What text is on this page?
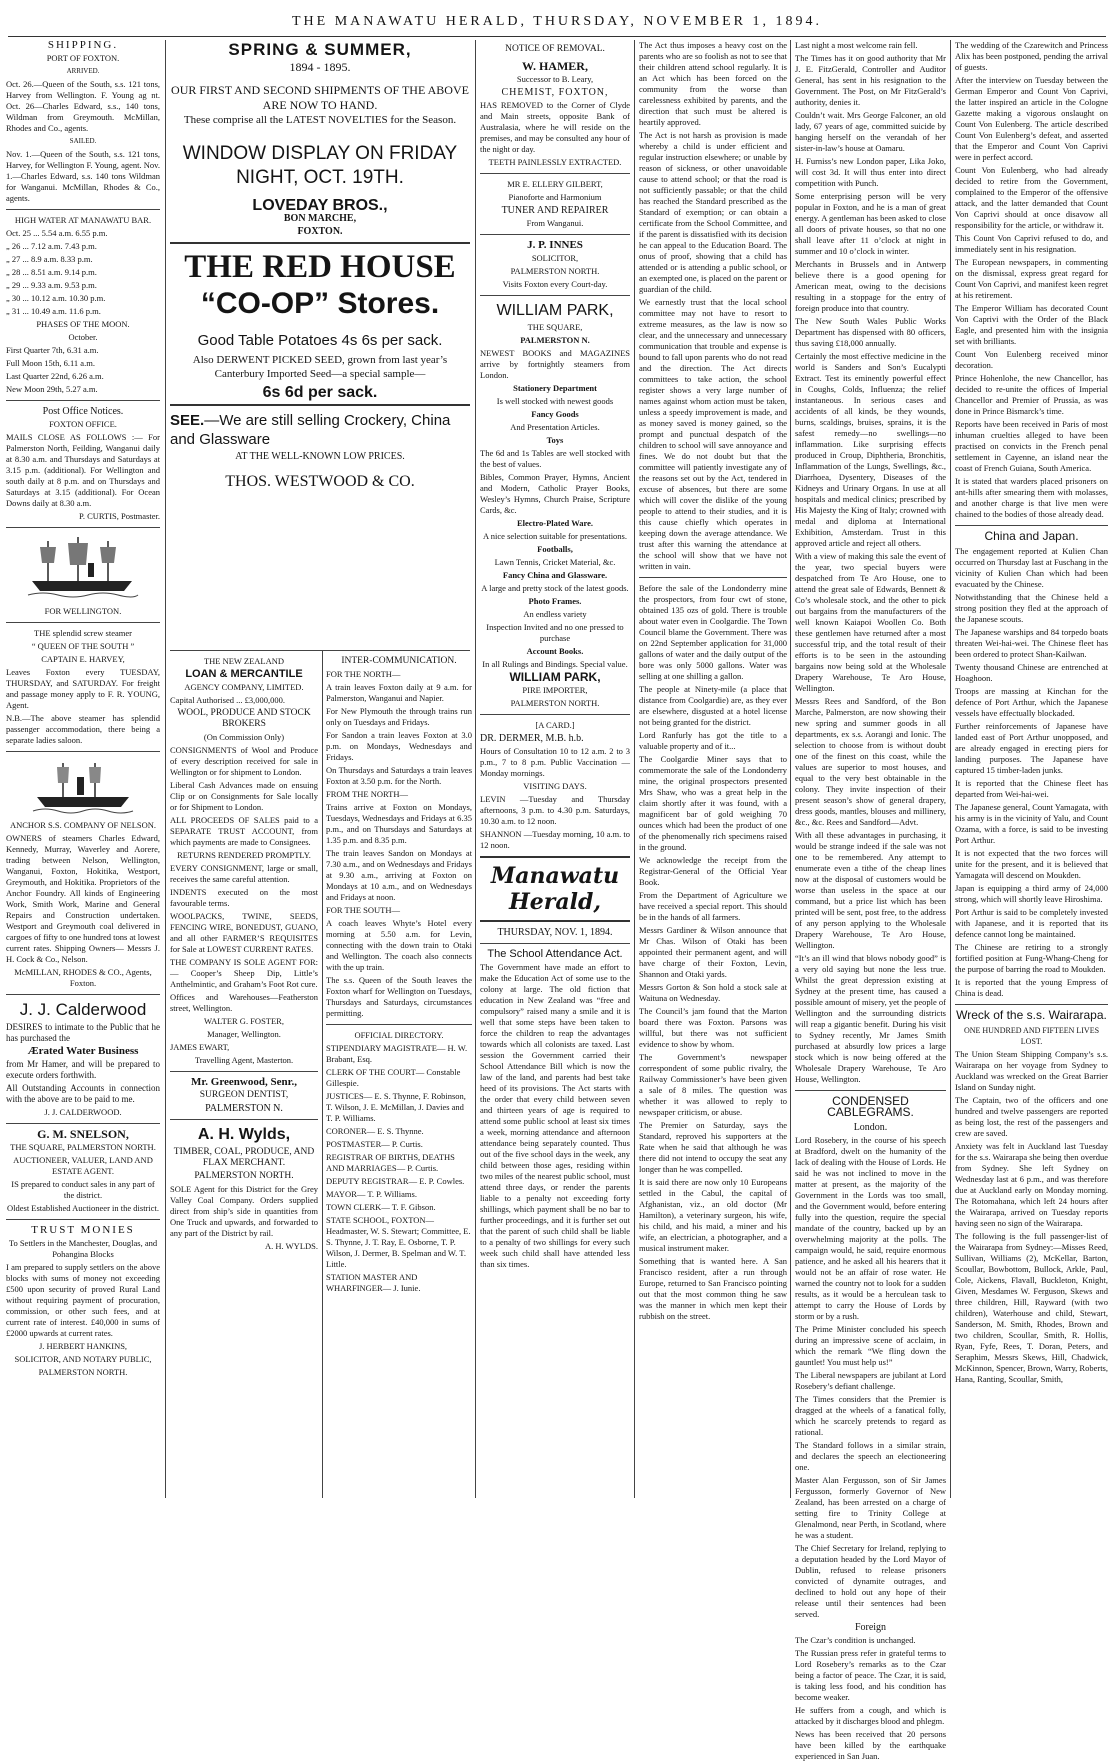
THE MANAWATU HERALD, THURSDAY, NOVEMBER 1, 1894.

SHIPPING.

PORT OF FOXTON.

ARRIVED.

Oct. 26.—Queen of the South, s.s. 121 tons, Harvey from Wellington. F. Young ag nt. Oct. 26—Charles Edward, s.s., 140 tons, Wildman from Greymouth. McMillan, Rhodes and Co., agents.

SAILED.

Nov. 1.—Queen of the South, s.s. 121 tons, Harvey, for Wellington F. Young, agent. Nov. 1.—Charles Edward, s.s. 140 tons Wildman for Wanganui. McMillan, Rhodes & Co., agents.

HIGH WATER AT MANAWATU BAR.

Oct. 25 ... 5.54 a.m. 6.55 p.m.

„ 26 ... 7.12 a.m. 7.43 p.m.

„ 27 ... 8.9 a.m. 8.33 p.m.

„ 28 ... 8.51 a.m. 9.14 p.m.

„ 29 ... 9.33 a.m. 9.53 p.m.

„ 30 ... 10.12 a.m. 10.30 p.m.

„ 31 ... 10.49 a.m. 11.6 p.m.

PHASES OF THE MOON.

October.

First Quarter 7th, 6.31 a.m.

Full Moon 15th, 6.11 a.m.

Last Quarter 22nd, 6.26 a.m.

New Moon 29th, 5.27 a.m.

Post Office Notices.

FOXTON OFFICE.

MAILS CLOSE AS FOLLOWS :— For Palmerston North, Feilding, Wanganui daily at 8.30 a.m. and Thursdays and Saturdays at 3.15 p.m. (additional). For Wellington and south daily at 8 p.m. and on Thursdays and Saturdays at 3.15 (additional). For Ocean Downs daily at 8.30 a.m.

P. CURTIS, Postmaster.

FOR WELLINGTON.

THE splendid screw steamer

“ QUEEN OF THE SOUTH ”

CAPTAIN E. HARVEY,

Leaves Foxton every TUESDAY, THURSDAY, and SATURDAY. For freight and passage money apply to F. R. YOUNG, Agent.

N.B.—The above steamer has splendid passenger accommodation, there being a separate ladies saloon.

ANCHOR S.S. COMPANY OF NELSON.

OWNERS of steamers Charles Edward, Kennedy, Murray, Waverley and Aorere, trading between Nelson, Wellington, Wanganui, Foxton, Hokitika, Westport, Greymouth, and Hokitika. Proprietors of the Anchor Foundry. All kinds of Engineering Work, Smith Work, Marine and General Repairs and Construction undertaken. Westport and Greymouth coal delivered in cargoes of fifty to one hundred tons at lowest current rates. Shipping Owners— Messrs J. H. Cock & Co., Nelson.

McMILLAN, RHODES & CO., Agents, Foxton.

J. J. Calderwood

DESIRES to intimate to the Public that he has purchased the

Ærated Water Business

from Mr Hamer, and will be prepared to execute orders forthwith.

All Outstanding Accounts in connection with the above are to be paid to me.

J. J. CALDERWOOD.

G. M. SNELSON,

THE SQUARE, PALMERSTON NORTH.

AUCTIONEER, VALUER, LAND AND ESTATE AGENT.

IS prepared to conduct sales in any part of the district.

Oldest Established Auctioneer in the district.

TRUST MONIES

To Settlers in the Manchester, Douglas, and Pohangina Blocks

I am prepared to supply settlers on the above blocks with sums of money not exceeding £500 upon security of proved Rural Land without requiring payment of procuration, commission, or other such fees, and at current rate of interest. £40,000 in sums of £2000 upwards at current rates.

J. HERBERT HANKINS,

SOLICITOR, AND NOTARY PUBLIC,

PALMERSTON NORTH.

SPRING & SUMMER,

1894 - 1895.

OUR FIRST AND SECOND SHIPMENTS OF THE ABOVE ARE NOW TO HAND.

These comprise all the LATEST NOVELTIES for the Season.

WINDOW DISPLAY ON FRIDAY NIGHT, OCT. 19TH.

LOVEDAY BROS.,

BON MARCHE,

FOXTON.

THE RED HOUSE

“CO-OP” Stores.

Good Table Potatoes 4s 6s per sack.

Also DERWENT PICKED SEED, grown from last year’s Canterbury Imported Seed—a special sample—

6s 6d per sack.

SEE.—We are still selling Crockery, China and Glassware

AT THE WELL-KNOWN LOW PRICES.

THOS. WESTWOOD & CO.

THE NEW ZEALAND

LOAN & MERCANTILE

AGENCY COMPANY, LIMITED.

Capital Authorised ... £3,000,000.

WOOL, PRODUCE AND STOCK BROKERS

(On Commission Only)

CONSIGNMENTS of Wool and Produce of every description received for sale in Wellington or for shipment to London.

Liberal Cash Advances made on ensuing Clip or on Consignments for Sale locally or for Shipment to London.

ALL PROCEEDS OF SALES paid to a SEPARATE TRUST ACCOUNT, from which payments are made to Consignees.

RETURNS RENDERED PROMPTLY.

EVERY CONSIGNMENT, large or small, receives the same careful attention.

INDENTS executed on the most favourable terms.

WOOLPACKS, TWINE, SEEDS, FENCING WIRE, BONEDUST, GUANO, and all other FARMER’S REQUISITES for Sale at LOWEST CURRENT RATES.

THE COMPANY IS SOLE AGENT FOR:— Cooper’s Sheep Dip, Little’s Anthelmintic, and Graham’s Foot Rot cure.

Offices and Warehouses—Featherston street, Wellington.

WALTER G. FOSTER,

Manager, Wellington.

JAMES EWART,

Travelling Agent, Masterton.

Mr. Greenwood, Senr.,

SURGEON DENTIST,

PALMERSTON N.

A. H. Wylds,

TIMBER, COAL, PRODUCE, AND FLAX MERCHANT.

PALMERSTON NORTH.

SOLE Agent for this District for the Grey Valley Coal Company. Orders supplied direct from ship’s side in quantities from One Truck and upwards, and forwarded to any part of the District by rail.

A. H. WYLDS.

INTER-COMMUNICATION.

FOR THE NORTH—

A train leaves Foxton daily at 9 a.m. for Palmerston, Wanganui and Napier.

For New Plymouth the through trains run only on Tuesdays and Fridays.

For Sandon a train leaves Foxton at 3.0 p.m. on Mondays, Wednesdays and Fridays.

On Thursdays and Saturdays a train leaves Foxton at 3.50 p.m. for the North.

FROM THE NORTH—

Trains arrive at Foxton on Mondays, Tuesdays, Wednesdays and Fridays at 6.35 p.m., and on Thursdays and Saturdays at 1.35 p.m. and 8.35 p.m.

The train leaves Sandon on Mondays at 7.30 a.m., and on Wednesdays and Fridays at 9.30 a.m., arriving at Foxton on Mondays at 10 a.m., and on Wednesdays and Fridays at noon.

FOR THE SOUTH—

A coach leaves Whyte’s Hotel every morning at 5.50 a.m. for Levin, connecting with the down train to Otaki and Wellington. The coach also connects with the up train.

The s.s. Queen of the South leaves the Foxton wharf for Wellington on Tuesdays, Thursdays and Saturdays, circumstances permitting.

OFFICIAL DIRECTORY.

STIPENDIARY MAGISTRATE— H. W. Brabant, Esq.

CLERK OF THE COURT— Constable Gillespie.

JUSTICES— E. S. Thynne, F. Robinson, T. Wilson, J. E. McMillan, J. Davies and T. P. Williams.

CORONER— E. S. Thynne.

POSTMASTER— P. Curtis.

REGISTRAR OF BIRTHS, DEATHS AND MARRIAGES— P. Curtis.

DEPUTY REGISTRAR— E. P. Cowles.

MAYOR— T. P. Williams.

TOWN CLERK— T. F. Gibson.

STATE SCHOOL, FOXTON— Headmaster, W. S. Stewart; Committee, E. S. Thynne, J. T. Ray, E. Osborne, T. P. Wilson, J. Dermer, B. Spelman and W. T. Little.

STATION MASTER AND WHARFINGER— J. Iunie.

NOTICE OF REMOVAL.

W. HAMER,

Successor to B. Leary,

CHEMIST, FOXTON,

HAS REMOVED to the Corner of Clyde and Main streets, opposite Bank of Australasia, where he will reside on the premises, and may be consulted any hour of the night or day.

TEETH PAINLESSLY EXTRACTED.

MR E. ELLERY GILBERT,

Pianoforte and Harmonium

TUNER AND REPAIRER

From Wanganui.

J. P. INNES

SOLICITOR,

PALMERSTON NORTH.

Visits Foxton every Court-day.

WILLIAM PARK,

THE SQUARE,

PALMERSTON N.

NEWEST BOOKS and MAGAZINES arrive by fortnightly steamers from London.

Stationery Department

Is well stocked with newest goods

Fancy Goods

And Presentation Articles.

Toys

The 6d and 1s Tables are well stocked with the best of values.

Bibles, Common Prayer, Hymns, Ancient and Modern, Catholic Prayer Books, Wesley’s Hymns, Church Praise, Scripture Cards, &c.

Electro-Plated Ware.

A nice selection suitable for presentations.

Footballs,

Lawn Tennis, Cricket Material, &c.

Fancy China and Glassware.

A large and pretty stock of the latest goods.

Photo Frames.

An endless variety

Inspection Invited and no one pressed to purchase

Account Books.

In all Rulings and Bindings. Special value.

WILLIAM PARK,

PIRE IMPORTER,

PALMERSTON NORTH.

[A CARD.]

DR. DERMER, M.B. h.b.

Hours of Consultation 10 to 12 a.m. 2 to 3 p.m., 7 to 8 p.m. Public Vaccination — Monday mornings.

VISITING DAYS.

LEVIN —Tuesday and Thursday afternoons, 3 p.m. to 4.30 p.m. Saturdays, 10.30 a.m. to 12 noon.

SHANNON —Tuesday morning, 10 a.m. to 12 noon.

Manawatu Herald,

THURSDAY, NOV. 1, 1894.

The School Attendance Act.

The Government have made an effort to make the Education Act of some use to the colony at large. The old fiction that education in New Zealand was “free and compulsory” raised many a smile and it is well that some steps have been taken to force the children to reap the advantages towards which all colonists are taxed. Last session the Government carried their School Attendance Bill which is now the law of the land, and parents had best take heed of its provisions. The Act starts with the order that every child between seven and thirteen years of age is required to attend some public school at least six times a week, morning attendance and afternoon attendance being separately counted. Thus out of the five school days in the week, any child between those ages, residing within two miles of the nearest public school, must attend three days, or render the parents liable to a penalty not exceeding forty shillings, which payment shall be no bar to further proceedings, and it is further set out that the parent of such child shall be liable to a penalty of two shillings for every such week such child shall have attended less than six times.

The Act thus imposes a heavy cost on the parents who are so foolish as not to see that their children attend school regularly. It is an Act which has been forced on the community from the worse than carelessness exhibited by parents, and the direction that such must be altered is heartily approved.

The Act is not harsh as provision is made whereby a child is under efficient and regular instruction elsewhere; or unable by reason of sickness, or other unavoidable cause to attend school; or that the road is not sufficiently passable; or that the child has reached the Standard prescribed as the Standard of exemption; or can obtain a certificate from the School Committee, and if the parent is dissatisfied with its decision he can appeal to the Education Board. The onus of proof, showing that a child has attended or is attending a public school, or an exempted one, is placed on the parent or guardian of the child.

We earnestly trust that the local school committee may not have to resort to extreme measures, as the law is now so clear, and the unnecessary and unnecessary communication that trouble and expense is bound to fall upon parents who do not read and the direction. The Act directs committees to take action, the school register shows a very large number of names against whom action must be taken, unless a speedy improvement is made, and as money saved is money gained, so the prompt and punctual despatch of the children to school will save annoyance and fines. We do not doubt but that the committee will patiently investigate any of the reasons set out by the Act, tendered in excuse of absences, but there are some which will cover the dislike of the young people to attend to their studies, and it is this cause chiefly which operates in keeping down the average attendance. We trust after this warning the attendance at the school will show that we have not written in vain.

Before the sale of the Londonderry mine the prospectors, from four cwt of stone, obtained 135 ozs of gold. There is trouble about water even in Coolgardie. The Town Council blame the Government. There was on 22nd September application for 31,000 gallons of water and the daily output of the bore was only 5000 gallons. Water was selling at one shilling a gallon.

The people at Ninety-mile (a place that distance from Coolgardie) are, as they ever are elsewhere, disgusted at a hotel license not being granted for the district.

Lord Ranfurly has got the title to a valuable property and of it...

The Coolgardie Miner says that to commemorate the sale of the Londonderry mine, the original prospectors presented Mrs Shaw, who was a great help in the claim shortly after it was found, with a magnificent bar of gold weighing 70 ounces which had been the product of one of the phenomenally rich specimens raised in the ground.

We acknowledge the receipt from the Registrar-General of the Official Year Book.

From the Department of Agriculture we have received a special report. This should be in the hands of all farmers.

Messrs Gardiner & Wilson announce that Mr Chas. Wilson of Otaki has been appointed their permanent agent, and will have charge of their Foxton, Levin, Shannon and Otaki yards.

Messrs Gorton & Son hold a stock sale at Waituna on Wednesday.

The Council’s jam found that the Marton board there was Foxton. Parsons was willful, but there was not sufficient evidence to show by whom.

The Government’s newspaper correspondent of some public rivalry, the Railway Commissioner’s have been given a sale of 8 miles. The question was whether it was allowed to reply to newspaper criticism, or abuse.

The Premier on Saturday, says the Standard, reproved his supporters at the Rate when he said that although he was there did not intend to occupy the seat any longer than he was compelled.

It is said there are now only 10 Europeans settled in the Cabul, the capital of Afghanistan, viz., an old doctor (Mr Hamilton), a veterinary surgeon, his wife, his child, and his maid, a miner and his wife, an electrician, a photographer, and a musical instrument maker.

Something that is wanted here. A San Francisco resident, after a run through Europe, returned to San Francisco pointing out that the most common thing he saw was the manner in which men kept their rubbish on the street.

Last night a most welcome rain fell.

The Times has it on good authority that Mr J. E. FitzGerald, Controller and Auditor General, has sent in his resignation to the Government. The Post, on Mr FitzGerald’s authority, denies it.

Couldn’t wait. Mrs George Falconer, an old lady, 67 years of age, committed suicide by hanging herself on the verandah of her sister-in-law’s house at Oamaru.

H. Furniss’s new London paper, Lika Joko, will cost 3d. It will thus enter into direct competition with Punch.

Some enterprising person will be very popular in Foxton, and he is a man of great energy. A gentleman has been asked to close all doors of private houses, so that no one shall leave after 11 o’clock at night in summer and 10 o’clock in winter.

Merchants in Brussels and in Antwerp believe there is a good opening for American meat, owing to the decisions resulting in a stoppage for the entry of foreign produce into that country.

The New South Wales Public Works Department has dispensed with 80 officers, thus saving £18,000 annually.

Certainly the most effective medicine in the world is Sanders and Son’s Eucalypti Extract. Test its eminently powerful effect in Coughs, Colds, Influenza; the relief instantaneous. In serious cases and accidents of all kinds, be they wounds, burns, scaldings, bruises, sprains, it is the safest remedy—no swellings—no inflammation. Like surprising effects produced in Croup, Diphtheria, Bronchitis, Inflammation of the Lungs, Swellings, &c., Diarrhoea, Dysentery, Diseases of the Kidneys and Urinary Organs. In use at all hospitals and medical clinics; prescribed by His Majesty the King of Italy; crowned with medal and diploma at International Exhibition, Amsterdam. Trust in this approved article and reject all others.

With a view of making this sale the event of the year, two special buyers were despatched from Te Aro House, one to attend the great sale of Edwards, Bennett & Co’s wholesale stock, and the other to pick out bargains from the manufacturers of the well known Kaiapoi Woollen Co. Both these gentlemen have returned after a most successful trip, and the total result of their efforts is to be seen in the astounding bargains now being sold at the Wholesale Drapery Warehouse, Te Aro House, Wellington.

Messrs Rees and Sandford, of the Bon Marche, Palmerston, are now showing their new spring and summer goods in all departments, ex s.s. Aorangi and Ionic. The selection to choose from is without doubt one of the finest on this coast, while the values are superior to most houses, and equal to the very best obtainable in the colony. They invite inspection of their present season’s show of general drapery, dress goods, mantles, blouses and millinery, &c., &c. Rees and Sandford—Advt.

With all these advantages in purchasing, it would be strange indeed if the sale was not one to be remembered. Any attempt to enumerate even a tithe of the cheap lines now at the disposal of customers would be worse than useless in the space at our command, but a price list which has been printed will be sent, post free, to the address of any person applying to the Wholesale Drapery Warehouse, Te Aro House, Wellington.

“It’s an ill wind that blows nobody good” is a very old saying but none the less true. Whilst the great depression existing at Sydney at the present time, has caused a possible amount of misery, yet the people of Wellington and the surrounding districts will reap a gigantic benefit. During his visit to Sydney recently, Mr James Smith purchased at absurdly low prices a large stock which is now being offered at the Wholesale Drapery Warehouse, Te Aro House, Wellington.

CONDENSED CABLEGRAMS.

London.

Lord Rosebery, in the course of his speech at Bradford, dwelt on the humanity of the lack of dealing with the House of Lords. He said he was not inclined to move in the matter at present, as the majority of the Government in the Lords was too small, and the Government would, before entering fully into the question, require the special mandate of the country, backed up by an overwhelming majority at the polls. The campaign would, he said, require enormous patience, and he asked all his hearers that it would not be an affair of rose water. He warned the country not to look for a sudden results, as it would be a herculean task to attempt to carry the House of Lords by storm or by a rush.

The Prime Minister concluded his speech during an impressive scene of acclaim, in which the remark “We fling down the gauntlet! You must help us!”

The Liberal newspapers are jubilant at Lord Rosebery’s defiant challenge.

The Times considers that the Premier is dragged at the wheels of a fanatical folly, which he scarcely pretends to regard as rational.

The Standard follows in a similar strain, and declares the speech an electioneering one.

Master Alan Fergusson, son of Sir James Fergusson, formerly Governor of New Zealand, has been arrested on a charge of setting fire to Trinity College at Glenalmond, near Perth, in Scotland, where he was a student.

The Chief Secretary for Ireland, replying to a deputation headed by the Lord Mayor of Dublin, refused to release prisoners convicted of dynamite outrages, and declined to hold out any hope of their release until their sentences had been served.

Foreign

The Czar’s condition is unchanged.

The Russian press refer in grateful terms to Lord Rosebery’s remarks as to the Czar being a factor of peace. The Czar, it is said, is taking less food, and his condition has become weaker.

He suffers from a cough, and which is attacked by it discharges blood and phlegm.

News has been received that 20 persons have been killed by the earthquake experienced in San Juan.

The wedding of the Czarewitch and Princess Alix has been postponed, pending the arrival of guests.

After the interview on Tuesday between the German Emperor and Count Von Caprivi, the latter inspired an article in the Cologne Gazette making a vigorous onslaught on Count Von Eulenberg. The article described Count Von Eulenberg’s defeat, and asserted that the Emperor and Count Von Caprivi were in perfect accord.

Count Von Eulenberg, who had already decided to retire from the Government, complained to the Emperor of the offensive attack, and the latter demanded that Count Von Caprivi should at once disavow all responsibility for the article, or withdraw it.

This Count Von Caprivi refused to do, and immediately sent in his resignation.

The European newspapers, in commenting on the dismissal, express great regard for Count Von Caprivi, and manifest keen regret at his retirement.

The Emperor William has decorated Count Von Caprivi with the Order of the Black Eagle, and presented him with the insignia set with brilliants.

Count Von Eulenberg received minor decoration.

Prince Hohenlohe, the new Chancellor, has decided to re-unite the offices of Imperial Chancellor and Premier of Prussia, as was done in Prince Bismarck’s time.

Reports have been received in Paris of most inhuman cruelties alleged to have been practised on convicts in the French penal settlement in Cayenne, an island near the coast of French Guiana, South America.

It is stated that warders placed prisoners on ant-hills after smearing them with molasses, and another charge is that live men were chained to the bodies of those already dead.

China and Japan.

The engagement reported at Kulien Chan occurred on Thursday last at Fuschang in the vicinity of Kulien Chan which had been evacuated by the Chinese.

Notwithstanding that the Chinese held a strong position they fled at the approach of the Japanese scouts.

The Japanese warships and 84 torpedo boats threaten Wei-hai-wei. The Chinese fleet has been ordered to protect Shan-Kailwan.

Twenty thousand Chinese are entrenched at Hoaghoon.

Troops are massing at Kinchan for the defence of Port Arthur, which the Japanese vessels have effectually blockaded.

Further reinforcements of Japanese have landed east of Port Arthur unopposed, and are already engaged in erecting piers for landing purposes. The Japanese have captured 15 timber-laden junks.

It is reported that the Chinese fleet has departed from Wei-hai-wei.

The Japanese general, Count Yamagata, with his army is in the vicinity of Yalu, and Count Ozama, with a force, is said to be investing Port Arthur.

It is not expected that the two forces will unite for the present, and it is believed that Yamagata will descend on Moukden.

Japan is equipping a third army of 24,000 strong, which will shortly leave Hiroshima.

Port Arthur is said to be completely invested with Japanese, and it is reported that its defence cannot long be maintained.

The Chinese are retiring to a strongly fortified position at Fung-Whang-Cheng for the purpose of barring the road to Moukden.

It is reported that the young Empress of China is dead.

Wreck of the s.s. Wairarapa.

ONE HUNDRED AND FIFTEEN LIVES LOST.

The Union Steam Shipping Company’s s.s. Wairarapa on her voyage from Sydney to Auckland was wrecked on the Great Barrier Island on Sunday night.

The Captain, two of the officers and one hundred and twelve passengers are reported as being lost, the rest of the passengers and crew are saved.

Anxiety was felt in Auckland last Tuesday for the s.s. Wairarapa she being then overdue from Sydney. She left Sydney on Wednesday last at 6 p.m., and was therefore due at Auckland early on Monday morning. The Rotomahana, which left 24 hours after the Wairarapa, arrived on Tuesday reports having seen no sign of the Wairarapa.

The following is the full passenger-list of the Wairarapa from Sydney:—Misses Reed, Sullivan, Williams (2), McKellar, Barton, Scoullar, Bowbottom, Bullock, Arkle, Paul, Cole, Aickens, Flavall, Buckleton, Knight, Given, Mesdames W. Ferguson, Skews and three children, Hill, Rayward (with two children), Waterhouse and child, Stewart, Sanderson, M. Smith, Rhodes, Brown and two children, Scoullar, Smith, R. Hollis, Ryan, Fyfe, Rees, T. Doran, Peters, and Seraphim, Messrs Skews, Hill, Chadwick, McKinnon, Spencer, Brown, Warry, Roberts, Hana, Ranting, Scoullar, Smith,
